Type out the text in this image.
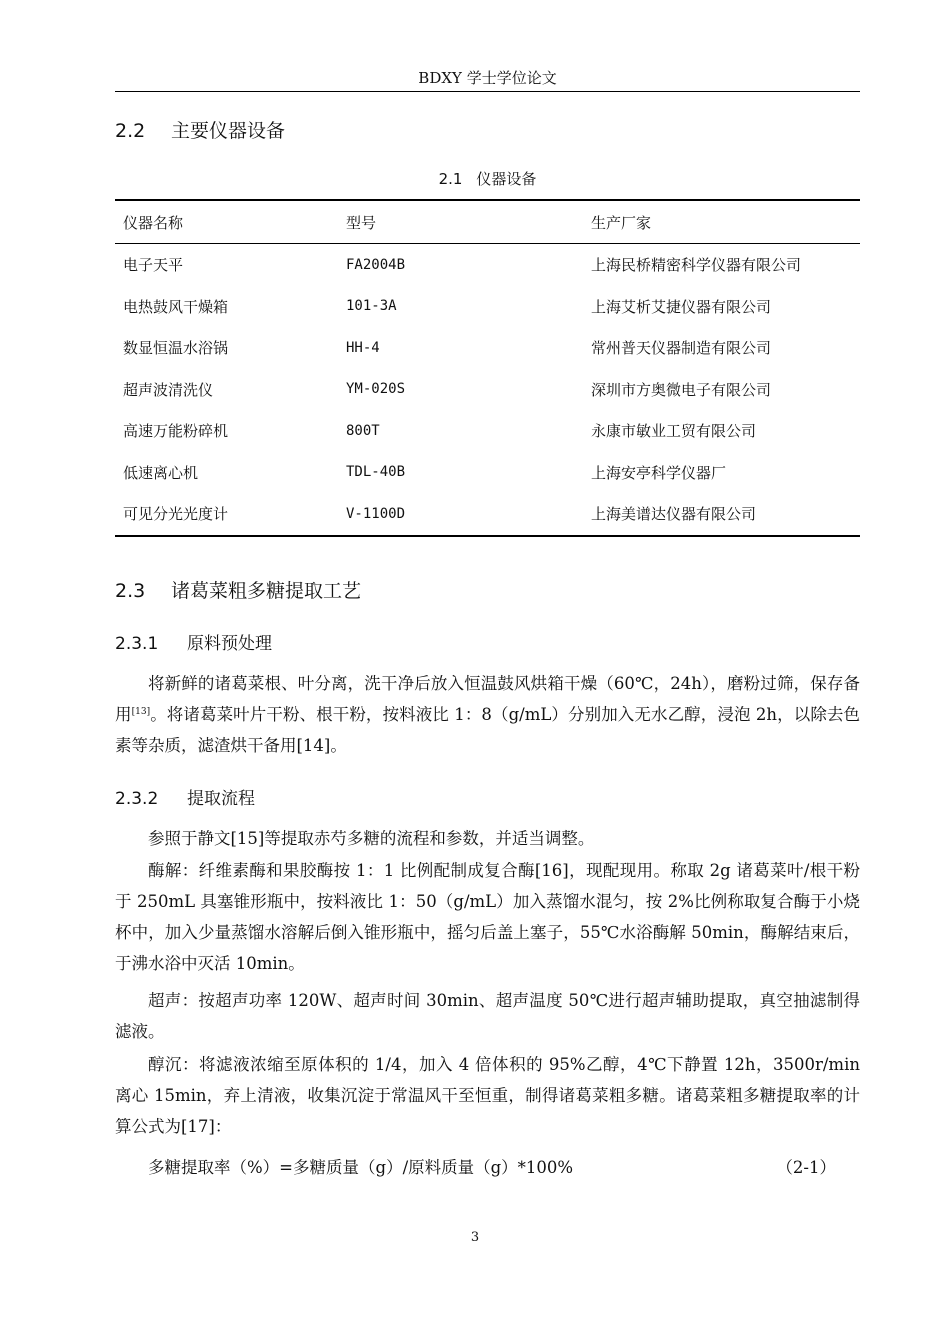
BDXY 学士学位论文
2.2 主要仪器设备
2.1 仪器设备
仪器名称	型号	生产厂家
电子天平	FA2004B	上海民桥精密科学仪器有限公司
电热鼓风干燥箱	101-3A	上海艾析艾捷仪器有限公司
数显恒温水浴锅	HH-4	常州普天仪器制造有限公司
超声波清洗仪	YM-020S	深圳市方奥微电子有限公司
高速万能粉碎机	800T	永康市敏业工贸有限公司
低速离心机	TDL-40B	上海安亭科学仪器厂
可见分光光度计	V-1100D	上海美谱达仪器有限公司
2.3 诸葛菜粗多糖提取工艺
2.3.1 原料预处理
将新鲜的诸葛菜根、叶分离，洗干净后放入恒温鼓风烘箱干燥（60℃，24h），磨粉过筛，保存备用[13]。将诸葛菜叶片干粉、根干粉，按料液比 1：8（g/mL）分别加入无水乙醇，浸泡 2h，以除去色素等杂质，滤渣烘干备用[14]。
2.3.2 提取流程
参照于静文[15]等提取赤芍多糖的流程和参数，并适当调整。
酶解：纤维素酶和果胶酶按 1：1 比例配制成复合酶[16]，现配现用。称取 2g 诸葛菜叶/根干粉于 250mL 具塞锥形瓶中，按料液比 1：50（g/mL）加入蒸馏水混匀，按 2%比例称取复合酶于小烧杯中，加入少量蒸馏水溶解后倒入锥形瓶中，摇匀后盖上塞子，55℃水浴酶解 50min，酶解结束后，于沸水浴中灭活 10min。
超声：按超声功率 120W、超声时间 30min、超声温度 50℃进行超声辅助提取，真空抽滤制得滤液。
醇沉：将滤液浓缩至原体积的 1/4，加入 4 倍体积的 95%乙醇，4℃下静置 12h，3500r/min 离心 15min，弃上清液，收集沉淀于常温风干至恒重，制得诸葛菜粗多糖。诸葛菜粗多糖提取率的计算公式为[17]：
多糖提取率（%）=多糖质量（g）/原料质量（g）*100%	（2-1）
3
